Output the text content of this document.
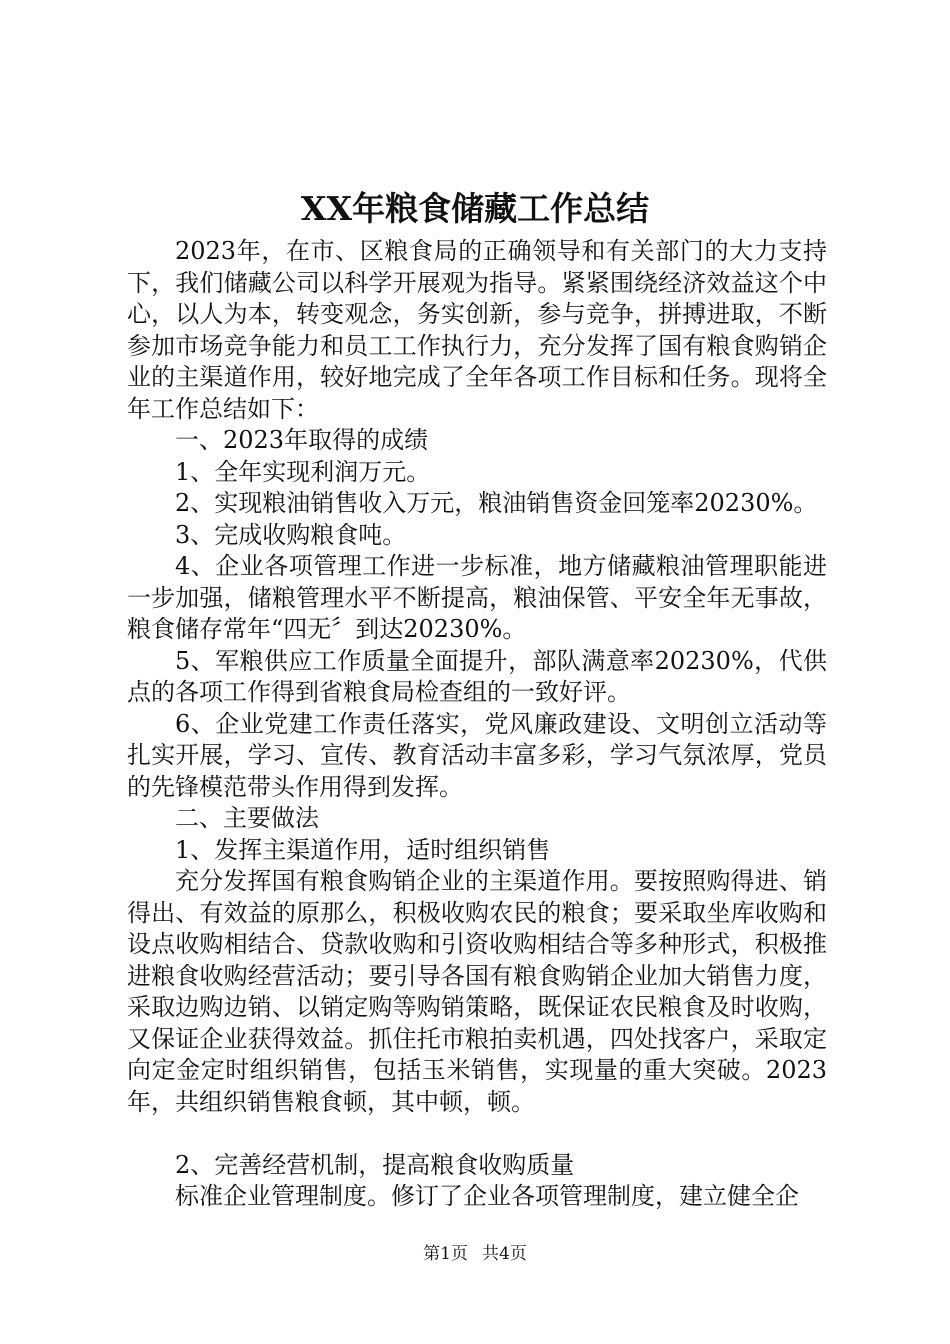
XX年粮食储藏工作总结

2023年，在市、区粮食局的正确领导和有关部门的大力支持下，我们储藏公司以科学开展观为指导。紧紧围绕经济效益这个中心，以人为本，转变观念，务实创新，参与竞争，拼搏进取，不断参加市场竞争能力和员工工作执行力，充分发挥了国有粮食购销企业的主渠道作用，较好地完成了全年各项工作目标和任务。现将全年工作总结如下：

一、2023年取得的成绩

1、全年实现利润万元。

2、实现粮油销售收入万元，粮油销售资金回笼率20230%。

3、完成收购粮食吨。

4、企业各项管理工作进一步标准，地方储藏粮油管理职能进一步加强，储粮管理水平不断提高，粮油保管、平安全年无事故，粮食储存常年“四无〞到达20230%。

5、军粮供应工作质量全面提升，部队满意率20230%，代供点的各项工作得到省粮食局检查组的一致好评。

6、企业党建工作责任落实，党风廉政建设、文明创立活动等扎实开展，学习、宣传、教育活动丰富多彩，学习气氛浓厚，党员的先锋模范带头作用得到发挥。

二、主要做法

1、发挥主渠道作用，适时组织销售

充分发挥国有粮食购销企业的主渠道作用。要按照购得进、销得出、有效益的原那么，积极收购农民的粮食；要采取坐库收购和设点收购相结合、贷款收购和引资收购相结合等多种形式，积极推进粮食收购经营活动；要引导各国有粮食购销企业加大销售力度，采取边购边销、以销定购等购销策略，既保证农民粮食及时收购，又保证企业获得效益。抓住托市粮拍卖机遇，四处找客户，采取定向定金定时组织销售，包括玉米销售，实现量的重大突破。2023年，共组织销售粮食顿，其中顿，顿。

2、完善经营机制，提高粮食收购质量

标准企业管理制度。修订了企业各项管理制度，建立健全企

第1页 共4页
